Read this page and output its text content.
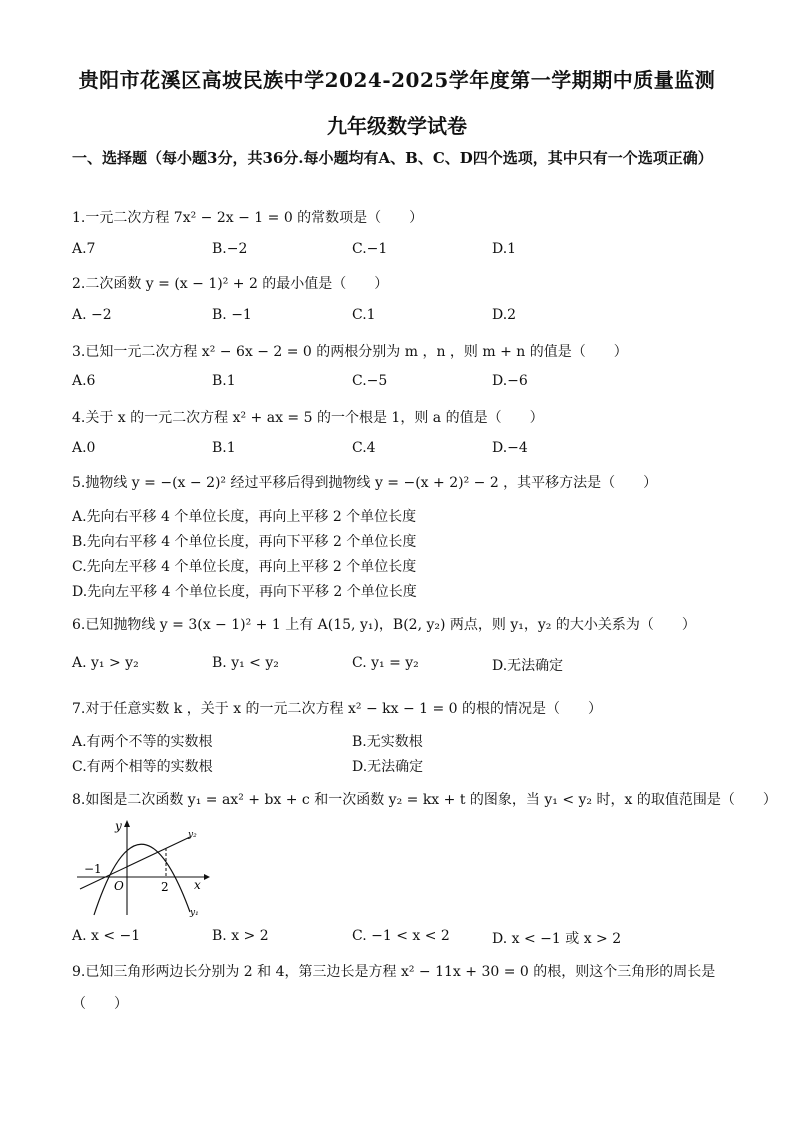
贵阳市花溪区高坡民族中学2024-2025学年度第一学期期中质量监测
九年级数学试卷
一、选择题（每小题3分，共36分.每小题均有A、B、C、D四个选项，其中只有一个选项正确）
1.一元二次方程 7x² − 2x − 1 = 0 的常数项是（　　）
A.7	B.−2	C.−1	D.1
2.二次函数 y = (x − 1)² + 2 的最小值是（　　）
A. −2	B. −1	C.1	D.2
3.已知一元二次方程 x² − 6x − 2 = 0 的两根分别为 m ，n ，则 m + n 的值是（　　）
A.6	B.1	C.−5	D.−6
4.关于 x 的一元二次方程 x² + ax = 5 的一个根是 1，则 a 的值是（　　）
A.0	B.1	C.4	D.−4
5.抛物线 y = −(x − 2)² 经过平移后得到抛物线 y = −(x + 2)² − 2 ，其平移方法是（　　）
A.先向右平移 4 个单位长度，再向上平移 2 个单位长度
B.先向右平移 4 个单位长度，再向下平移 2 个单位长度
C.先向左平移 4 个单位长度，再向上平移 2 个单位长度
D.先向左平移 4 个单位长度，再向下平移 2 个单位长度
6.已知抛物线 y = 3(x − 1)² + 1 上有 A(15, y₁)，B(2, y₂) 两点，则 y₁，y₂ 的大小关系为（　　）
A. y₁ > y₂	B. y₁ < y₂	C. y₁ = y₂	D.无法确定
7.对于任意实数 k ，关于 x 的一元二次方程 x² − kx − 1 = 0 的根的情况是（　　）
A.有两个不等的实数根	B.无实数根
C.有两个相等的实数根	D.无法确定
8.如图是二次函数 y₁ = ax² + bx + c 和一次函数 y₂ = kx + t 的图象，当 y₁ < y₂ 时，x 的取值范围是（　　）
y
x
O
−1
2
y₁
y₂
A. x < −1	B. x > 2	C. −1 < x < 2	D. x < −1 或 x > 2
9.已知三角形两边长分别为 2 和 4，第三边长是方程 x² − 11x + 30 = 0 的根，则这个三角形的周长是
（　　）
